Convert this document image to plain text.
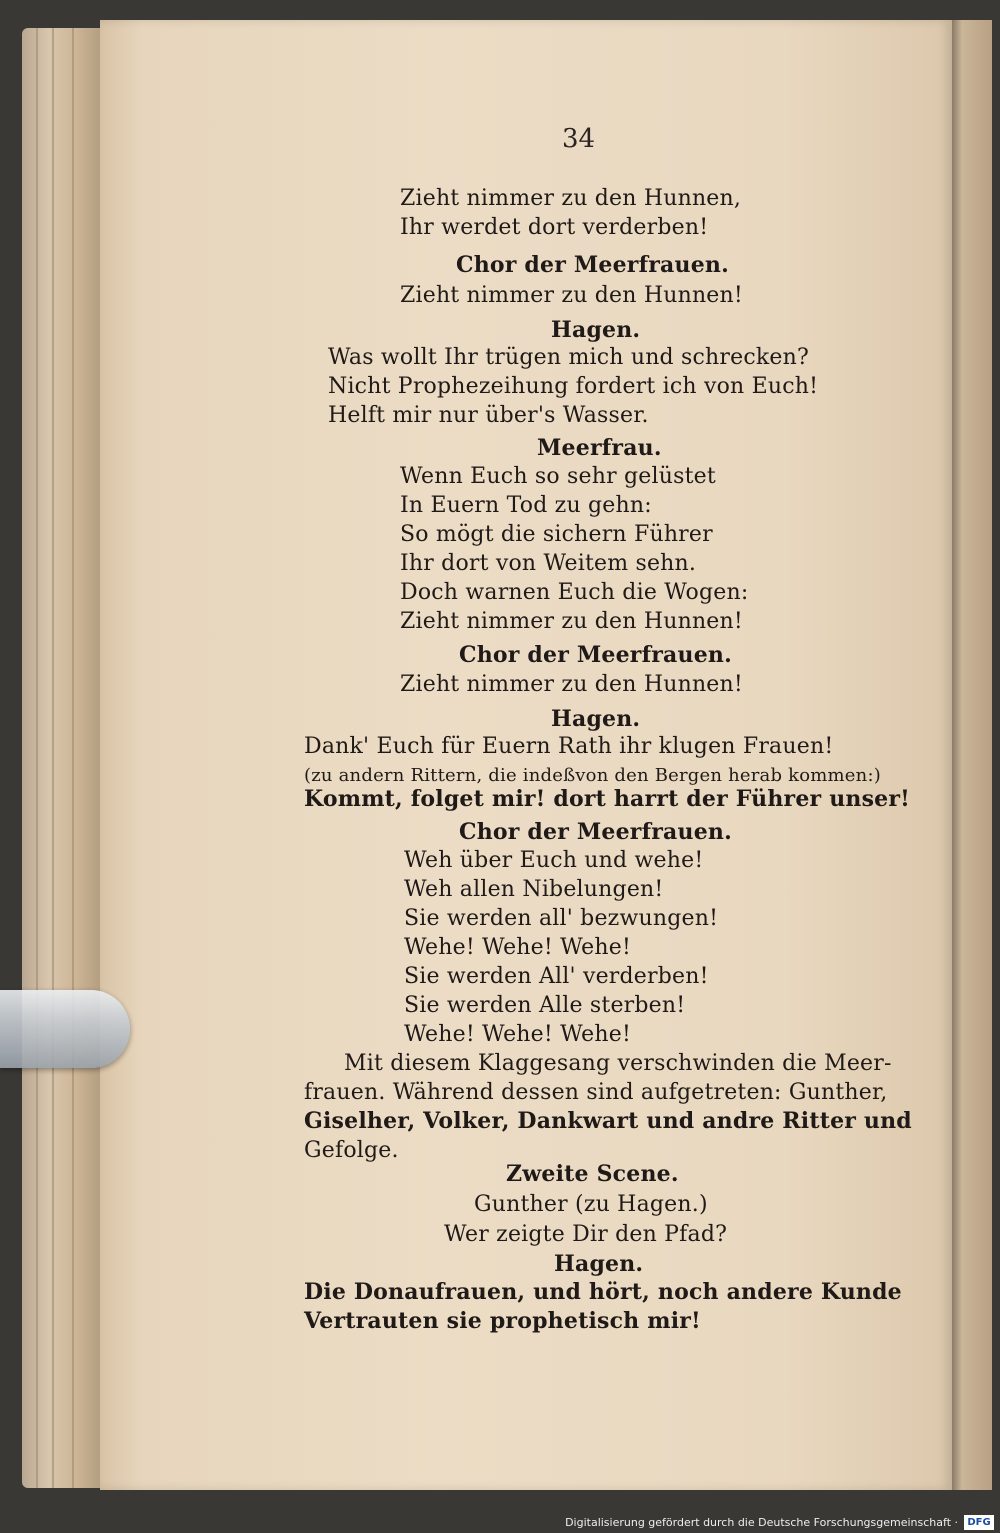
34
Zieht nimmer zu den Hunnen,
Ihr werdet dort verderben!
Chor der Meerfrauen.
Zieht nimmer zu den Hunnen!
Hagen.
Was wollt Ihr trügen mich und schrecken?
Nicht Prophezeihung fordert ich von Euch!
Helft mir nur über's Wasser.
Meerfrau.
Wenn Euch so sehr gelüstet
In Euern Tod zu gehn:
So mögt die sichern Führer
Ihr dort von Weitem sehn.
Doch warnen Euch die Wogen:
Zieht nimmer zu den Hunnen!
Chor der Meerfrauen.
Zieht nimmer zu den Hunnen!
Hagen.
Dank' Euch für Euern Rath ihr klugen Frauen!
(zu andern Rittern, die indeßvon den Bergen herab kommen:)
Kommt, folget mir! dort harrt der Führer unser!
Chor der Meerfrauen.
Weh über Euch und wehe!
Weh allen Nibelungen!
Sie werden all' bezwungen!
Wehe! Wehe! Wehe!
Sie werden All' verderben!
Sie werden Alle sterben!
Wehe! Wehe! Wehe!
Mit diesem Klaggesang verschwinden die Meer-
frauen. Während dessen sind aufgetreten: Gunther,
Giselher, Volker, Dankwart und andre Ritter und
Gefolge.
Zweite Scene.
Gunther (zu Hagen.)
Wer zeigte Dir den Pfad?
Hagen.
Die Donaufrauen, und hört, noch andere Kunde
Vertrauten sie prophetisch mir!
Digitalisierung gefördert durch die Deutsche Forschungsgemeinschaft · DFG
